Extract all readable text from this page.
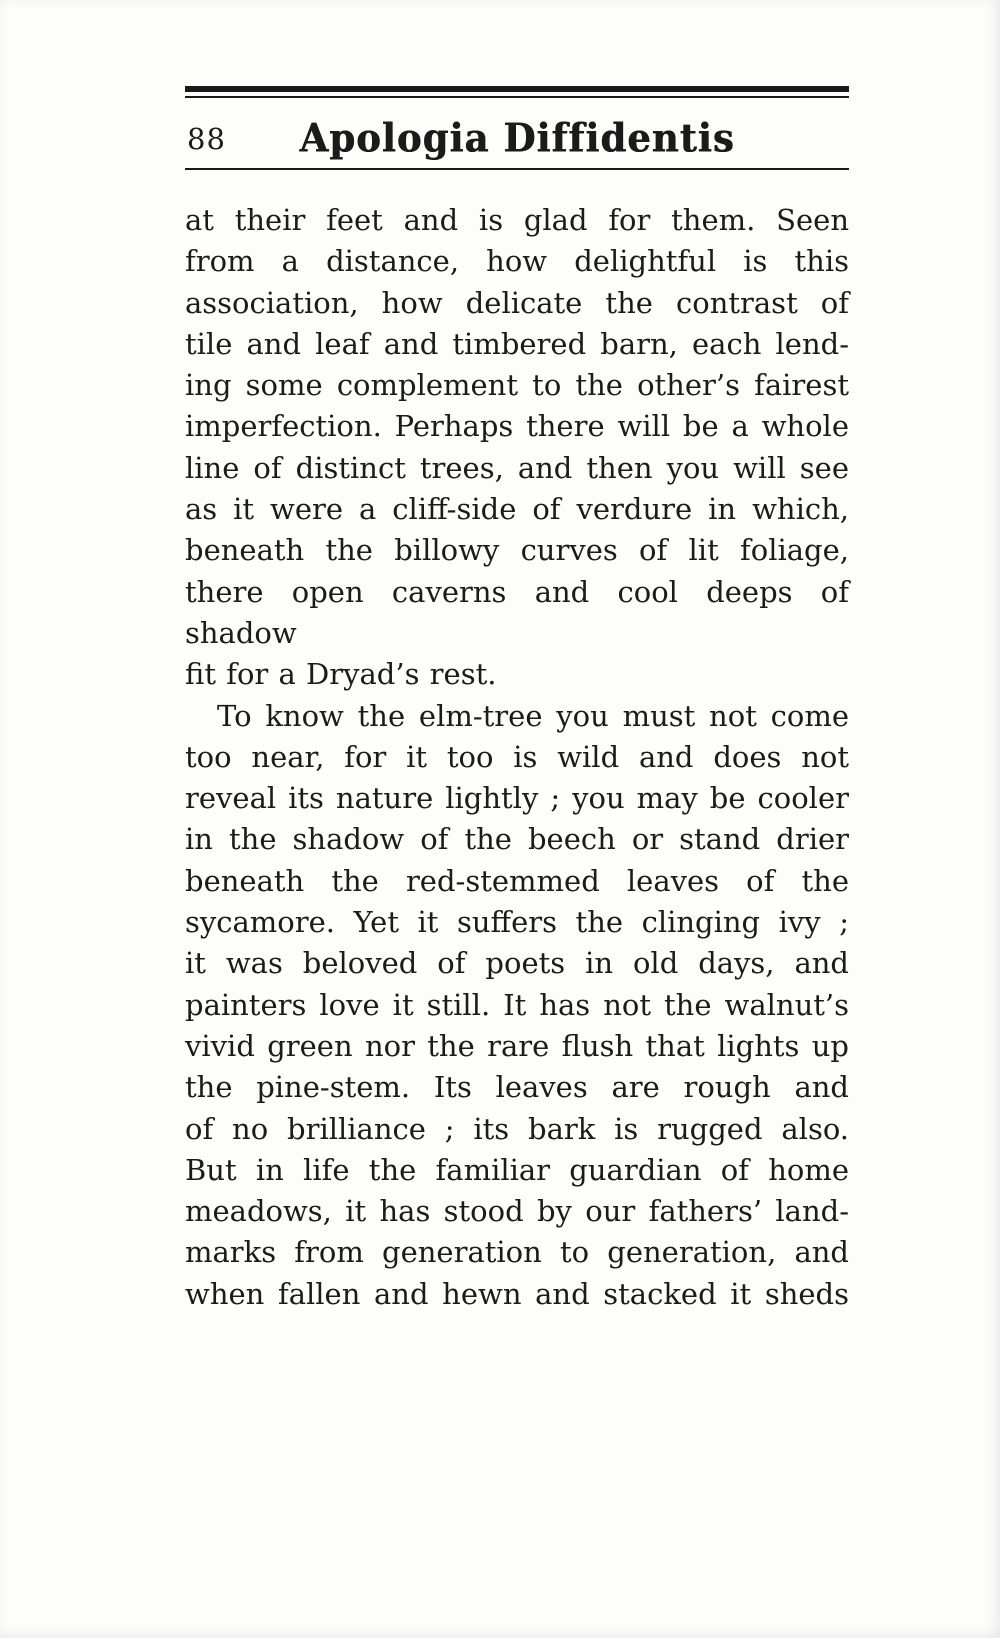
88	Apologia Diffidentis
at their feet and is glad for them. Seen
from a distance, how delightful is this
association, how delicate the contrast of
tile and leaf and timbered barn, each lend-
ing some complement to the other’s fairest
imperfection. Perhaps there will be a whole
line of distinct trees, and then you will see
as it were a cliff-side of verdure in which,
beneath the billowy curves of lit foliage,
there open caverns and cool deeps of shadow
fit for a Dryad’s rest.
To know the elm-tree you must not come
too near, for it too is wild and does not
reveal its nature lightly ; you may be cooler
in the shadow of the beech or stand drier
beneath the red-stemmed leaves of the
sycamore. Yet it suffers the clinging ivy ;
it was beloved of poets in old days, and
painters love it still. It has not the walnut’s
vivid green nor the rare flush that lights up
the pine-stem. Its leaves are rough and
of no brilliance ; its bark is rugged also.
But in life the familiar guardian of home
meadows, it has stood by our fathers’ land-
marks from generation to generation, and
when fallen and hewn and stacked it sheds
